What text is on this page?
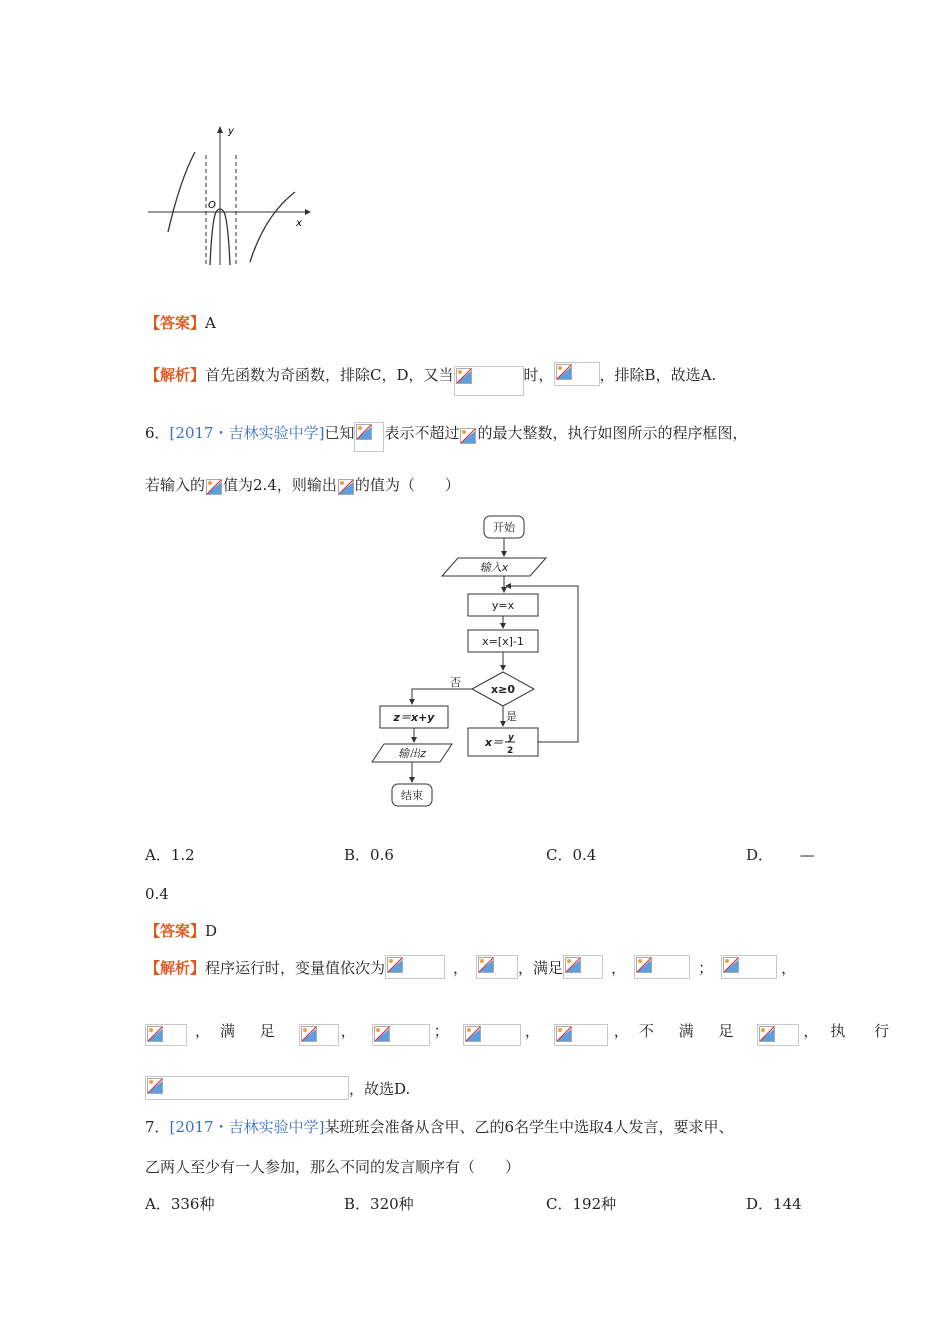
y
x
O
【答案】 A
【解析】 首先函数为奇函数，排除C，D，又当	时，	，排除B，故选A.
6． [2017・吉林实验中学] 已知 表示不超过 的最大整数，执行如图所示的程序框图，
若输入的 值为2.4，则输出 的值为（　　）
开始
输入x
y=x
x=[x]-1
x≥0
否
是
x＝ y
2
z＝x+y
输出z
结束
A．1.2	B．0.6	C．0.4	D． —
0.4
【答案】 D
【解析】 程序运行时，变量值依次为	，	，满足	，	；	，
，满 足	，	；	，	，不 满 足	，执 行
，故选D.
7． [2017・吉林实验中学] 某班班会准备从含甲、乙的6名学生中选取4人发言，要求甲、
乙两人至少有一人参加，那么不同的发言顺序有（　　）
A．336种	B．320种	C．192种	D．144
